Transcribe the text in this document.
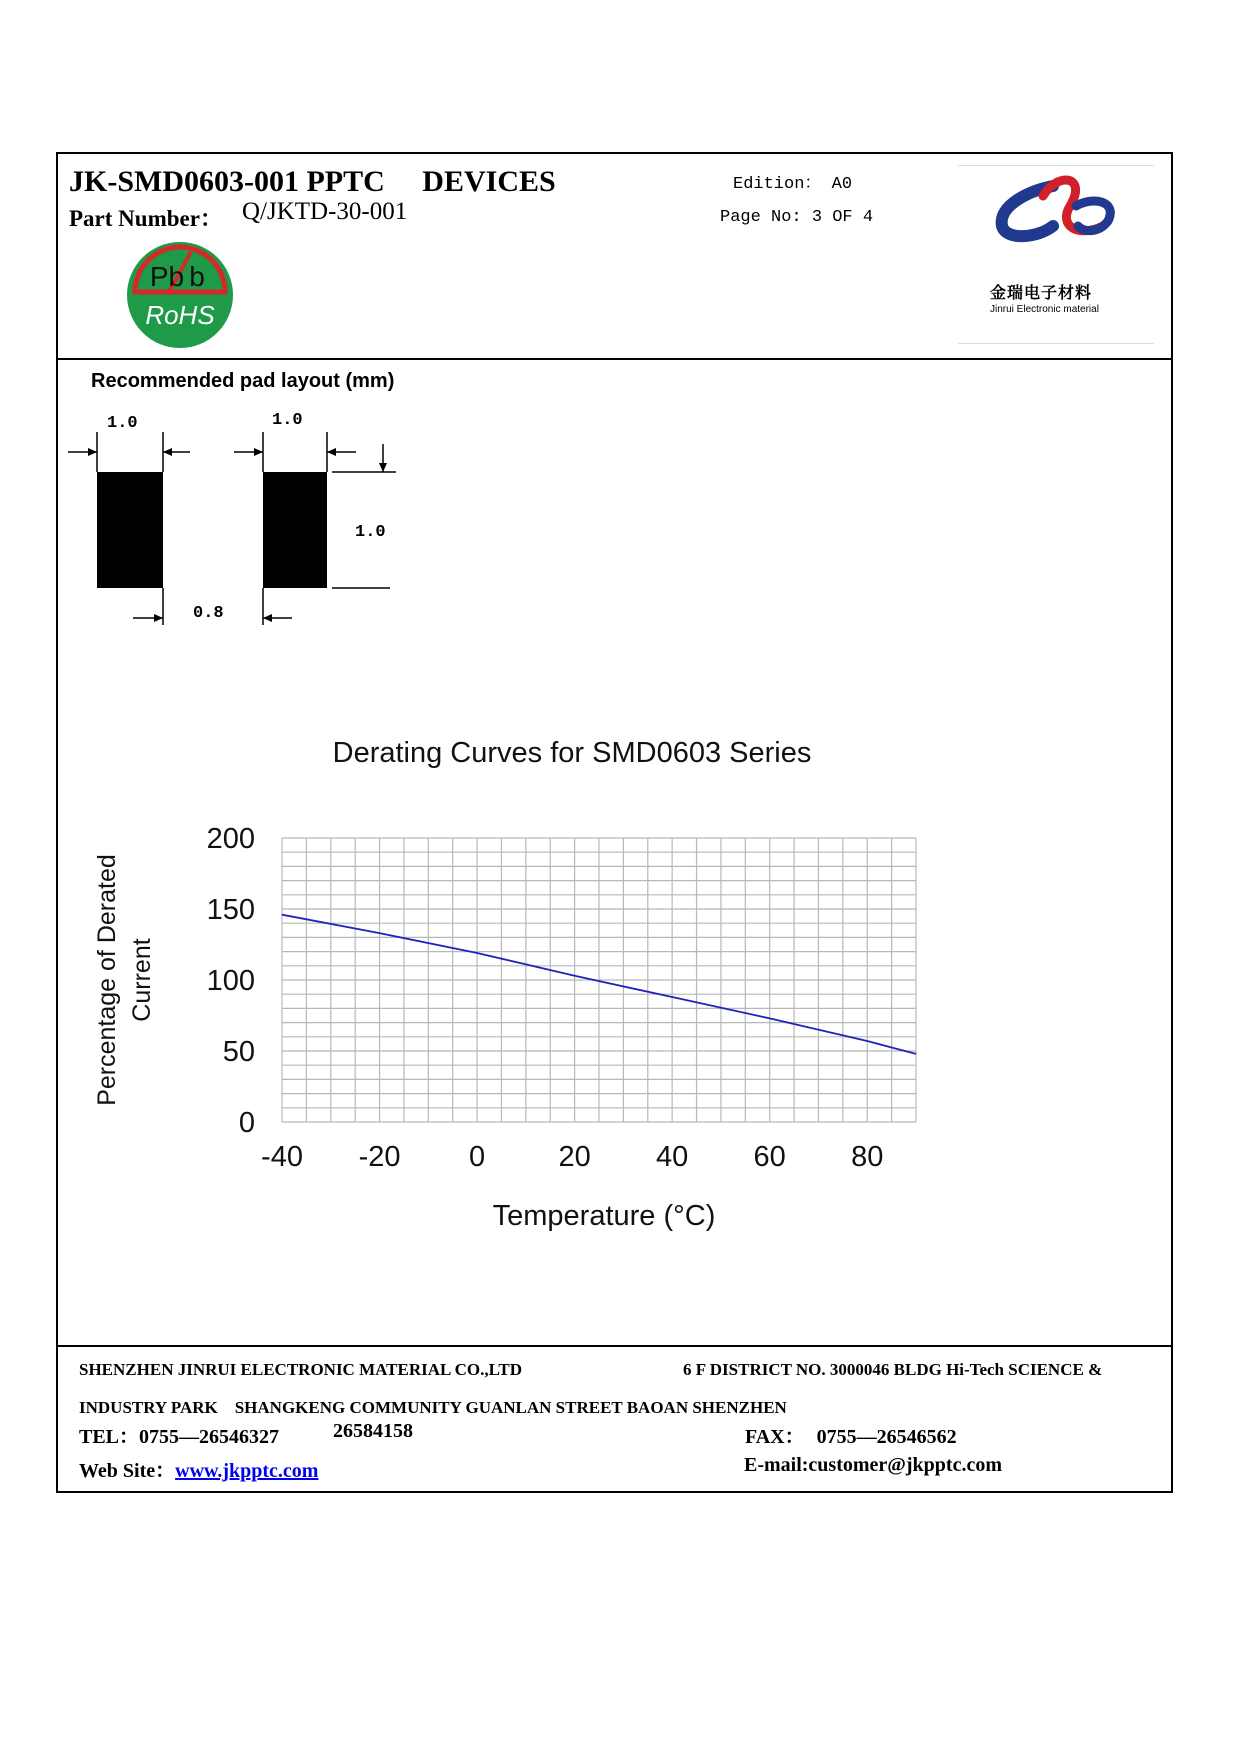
JK-SMD0603-001 PPTC　 DEVICES
Part Number： Q/JKTD-30-001
Edition： A0
Page No: 3 OF 4
Pb b
RoHS
金瑞电子材料
Jinrui Electronic material
Recommended pad layout (mm)
1.0	1.0
1.0
0.8
Derating Curves for SMD0603 Series
-40 -20 0	20 40 60 80
200
150
100
50
0
Temperature (°C)
Percentage of Derated Current
SHENZHEN JINRUI ELECTRONIC MATERIAL CO.,LTD	6 F DISTRICT NO. 3000046 BLDG Hi-Tech SCIENCE &
INDUSTRY PARK　SHANGKENG COMMUNITY GUANLAN STREET BAOAN SHENZHEN
TEL：0755—26546327	26584158	FAX： 0755—26546562
Web Site：www.jkpptc.com	E-mail:customer@jkpptc.com
